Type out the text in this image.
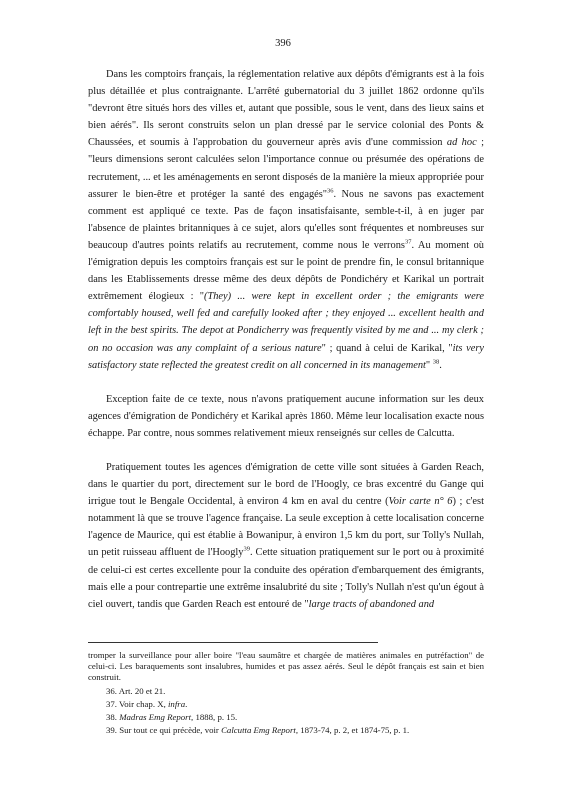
396

Dans les comptoirs français, la réglementation relative aux dépôts d'émigrants est à la fois plus détaillée et plus contraignante. L'arrêté gubernatorial du 3 juillet 1862 ordonne qu'ils "devront être situés hors des villes et, autant que possible, sous le vent, dans des lieux sains et bien aérés". Ils seront construits selon un plan dressé par le service colonial des Ponts & Chaussées, et soumis à l'approbation du gouverneur après avis d'une commission ad hoc ; "leurs dimensions seront calculées selon l'importance connue ou présumée des opérations de recrutement, ... et les aménagements en seront disposés de la manière la mieux appropriée pour assurer le bien-être et protéger la santé des engagés"$^{36}$. Nous ne savons pas exactement comment est appliqué ce texte. Pas de façon insatisfaisante, semble-t-il, à en juger par l'absence de plaintes britanniques à ce sujet, alors qu'elles sont fréquentes et nombreuses sur beaucoup d'autres points relatifs au recrutement, comme nous le verrons$^{37}$. Au moment où l'émigration depuis les comptoirs français est sur le point de prendre fin, le consul britannique dans les Etablissements dresse même des deux dépôts de Pondichéry et Karikal un portrait extrêmement élogieux : "(They) ... were kept in excellent order ; the emigrants were comfortably housed, well fed and carefully looked after ; they enjoyed ... excellent health and left in the best spirits. The depot at Pondicherry was frequently visited by me and ... my clerk ; on no occasion was any complaint of a serious nature" ; quand à celui de Karikal, "its very satisfactory state reflected the greatest credit on all concerned in its management" $^{38}$.

Exception faite de ce texte, nous n'avons pratiquement aucune information sur les deux agences d'émigration de Pondichéry et Karikal après 1860. Même leur localisation exacte nous échappe. Par contre, nous sommes relativement mieux renseignés sur celles de Calcutta.

Pratiquement toutes les agences d'émigration de cette ville sont situées à Garden Reach, dans le quartier du port, directement sur le bord de l'Hoogly, ce bras excentré du Gange qui irrigue tout le Bengale Occidental, à environ 4 km en aval du centre (Voir carte n° 6) ; c'est notamment là que se trouve l'agence française. La seule exception à cette localisation concerne l'agence de Maurice, qui est établie à Bowanipur, à environ 1,5 km du port, sur Tolly's Nullah, un petit ruisseau affluent de l'Hoogly$^{39}$. Cette situation pratiquement sur le port ou à proximité de celui-ci est certes excellente pour la conduite des opération d'embarquement des émigrants, mais elle a pour contrepartie une extrême insalubrité du site ; Tolly's Nullah n'est qu'un égout à ciel ouvert, tandis que Garden Reach est entouré de "large tracts of abandoned and

tromper la surveillance pour aller boire "l'eau saumâtre et chargée de matières animales en putréfaction" de celui-ci. Les baraquements sont insalubres, humides et pas assez aérés. Seul le dépôt français est sain et bien construit.

36. Art. 20 et 21.

37. Voir chap. X, infra.

38. Madras Emg Report, 1888, p. 15.

39. Sur tout ce qui précède, voir Calcutta Emg Report, 1873-74, p. 2, et 1874-75, p. 1.
